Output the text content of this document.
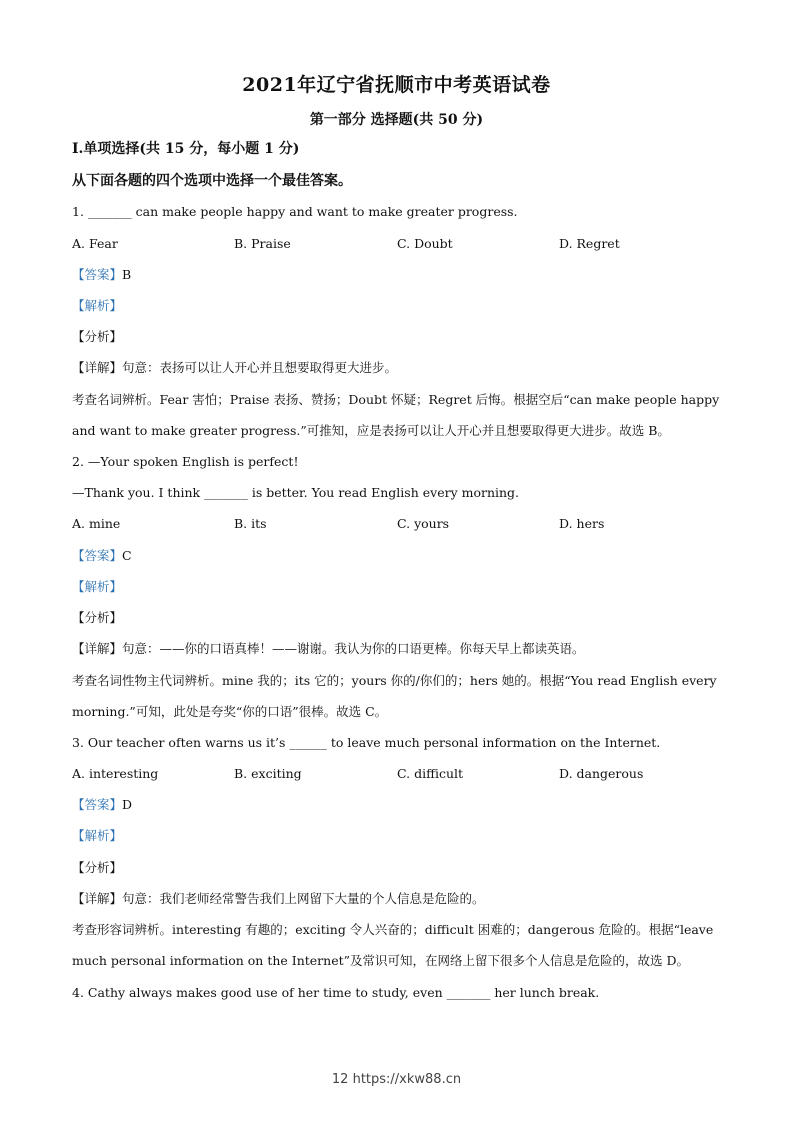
2021年辽宁省抚顺市中考英语试卷
第一部分 选择题(共 50 分)
Ⅰ.单项选择(共 15 分，每小题 1 分)
从下面各题的四个选项中选择一个最佳答案。
1. _______ can make people happy and want to make greater progress.
A. Fear	B. Praise	C. Doubt	D. Regret
【答案】B
【解析】
【分析】
【详解】句意：表扬可以让人开心并且想要取得更大进步。
考查名词辨析。Fear 害怕；Praise 表扬、赞扬；Doubt 怀疑；Regret 后悔。根据空后“can make people happy
and want to make greater progress.”可推知，应是表扬可以让人开心并且想要取得更大进步。故选 B。
2. —Your spoken English is perfect!
—Thank you. I think _______ is better. You read English every morning.
A. mine	B. its	C. yours	D. hers
【答案】C
【解析】
【分析】
【详解】句意：——你的口语真棒！——谢谢。我认为你的口语更棒。你每天早上都读英语。
考查名词性物主代词辨析。mine 我的；its 它的；yours 你的/你们的；hers 她的。根据“You read English every
morning.”可知，此处是夸奖“你的口语”很棒。故选 C。
3. Our teacher often warns us it’s ______ to leave much personal information on the Internet.
A. interesting	B. exciting	C. difficult	D. dangerous
【答案】D
【解析】
【分析】
【详解】句意：我们老师经常警告我们上网留下大量的个人信息是危险的。
考查形容词辨析。interesting 有趣的；exciting 令人兴奋的；difficult 困难的；dangerous 危险的。根据“leave
much personal information on the Internet”及常识可知，在网络上留下很多个人信息是危险的，故选 D。
4. Cathy always makes good use of her time to study, even _______ her lunch break.
12 https://xkw88.cn
